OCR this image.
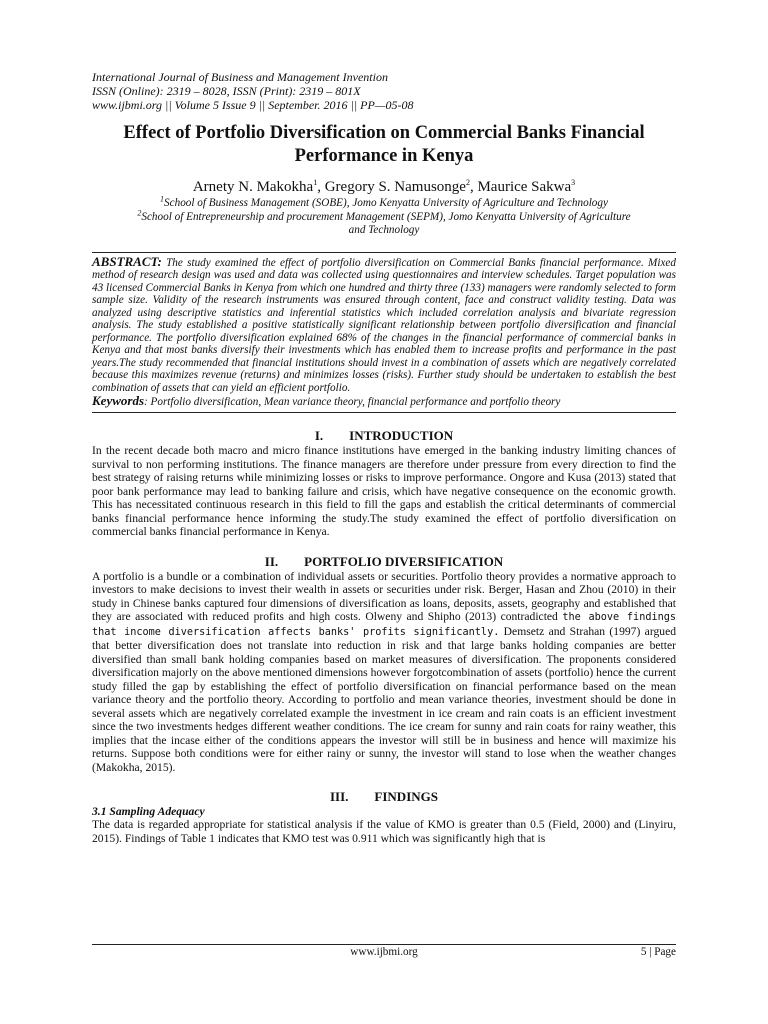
International Journal of Business and Management Invention
ISSN (Online): 2319 – 8028, ISSN (Print): 2319 – 801X
www.ijbmi.org || Volume 5 Issue 9 || September. 2016 || PP—05-08
Effect of Portfolio Diversification on Commercial Banks Financial
Performance in Kenya
Arnety N. Makokha$^1$, Gregory S. Namusonge$^2$, Maurice Sakwa$^3$
$^1$School of Business Management (SOBE), Jomo Kenyatta University of Agriculture and Technology
$^2$School of Entrepreneurship and procurement Management (SEPM), Jomo Kenyatta University of Agriculture
and Technology
ABSTRACT: The study examined the effect of portfolio diversification on Commercial Banks financial performance. Mixed method of research design was used and data was collected using questionnaires and interview schedules. Target population was 43 licensed Commercial Banks in Kenya from which one hundred and thirty three (133) managers were randomly selected to form sample size. Validity of the research instruments was ensured through content, face and construct validity testing. Data was analyzed using descriptive statistics and inferential statistics which included correlation analysis and bivariate regression analysis. The study established a positive statistically significant relationship between portfolio diversification and financial performance. The portfolio diversification explained 68% of the changes in the financial performance of commercial banks in Kenya and that most banks diversify their investments which has enabled them to increase profits and performance in the past years.The study recommended that financial institutions should invest in a combination of assets which are negatively correlated because this maximizes revenue (returns) and minimizes losses (risks). Further study should be undertaken to establish the best combination of assets that can yield an efficient portfolio.
Keywords: Portfolio diversification, Mean variance theory, financial performance and portfolio theory
I. INTRODUCTION
In the recent decade both macro and micro finance institutions have emerged in the banking industry limiting chances of survival to non performing institutions. The finance managers are therefore under pressure from every direction to find the best strategy of raising returns while minimizing losses or risks to improve performance. Ongore and Kusa (2013) stated that poor bank performance may lead to banking failure and crisis, which have negative consequence on the economic growth. This has necessitated continuous research in this field to fill the gaps and establish the critical determinants of commercial banks financial performance hence informing the study.The study examined the effect of portfolio diversification on commercial banks financial performance in Kenya.
II. PORTFOLIO DIVERSIFICATION
A portfolio is a bundle or a combination of individual assets or securities. Portfolio theory provides a normative approach to investors to make decisions to invest their wealth in assets or securities under risk. Berger, Hasan and Zhou (2010) in their study in Chinese banks captured four dimensions of diversification as loans, deposits, assets, geography and established that they are associated with reduced profits and high costs. Olweny and Shipho (2013) contradicted the above findings that income diversification affects banks' profits significantly. Demsetz and Strahan (1997) argued that better diversification does not translate into reduction in risk and that large banks holding companies are better diversified than small bank holding companies based on market measures of diversification. The proponents considered diversification majorly on the above mentioned dimensions however forgotcombination of assets (portfolio) hence the current study filled the gap by establishing the effect of portfolio diversification on financial performance based on the mean variance theory and the portfolio theory. According to portfolio and mean variance theories, investment should be done in several assets which are negatively correlated example the investment in ice cream and rain coats is an efficient investment since the two investments hedges different weather conditions. The ice cream for sunny and rain coats for rainy weather, this implies that the incase either of the conditions appears the investor will still be in business and hence will maximize his returns. Suppose both conditions were for either rainy or sunny, the investor will stand to lose when the weather changes (Makokha, 2015).
III. FINDINGS
3.1 Sampling Adequacy
The data is regarded appropriate for statistical analysis if the value of KMO is greater than 0.5 (Field, 2000) and (Linyiru, 2015). Findings of Table 1 indicates that KMO test was 0.911 which was significantly high that is
www.ijbmi.org	5 | Page
